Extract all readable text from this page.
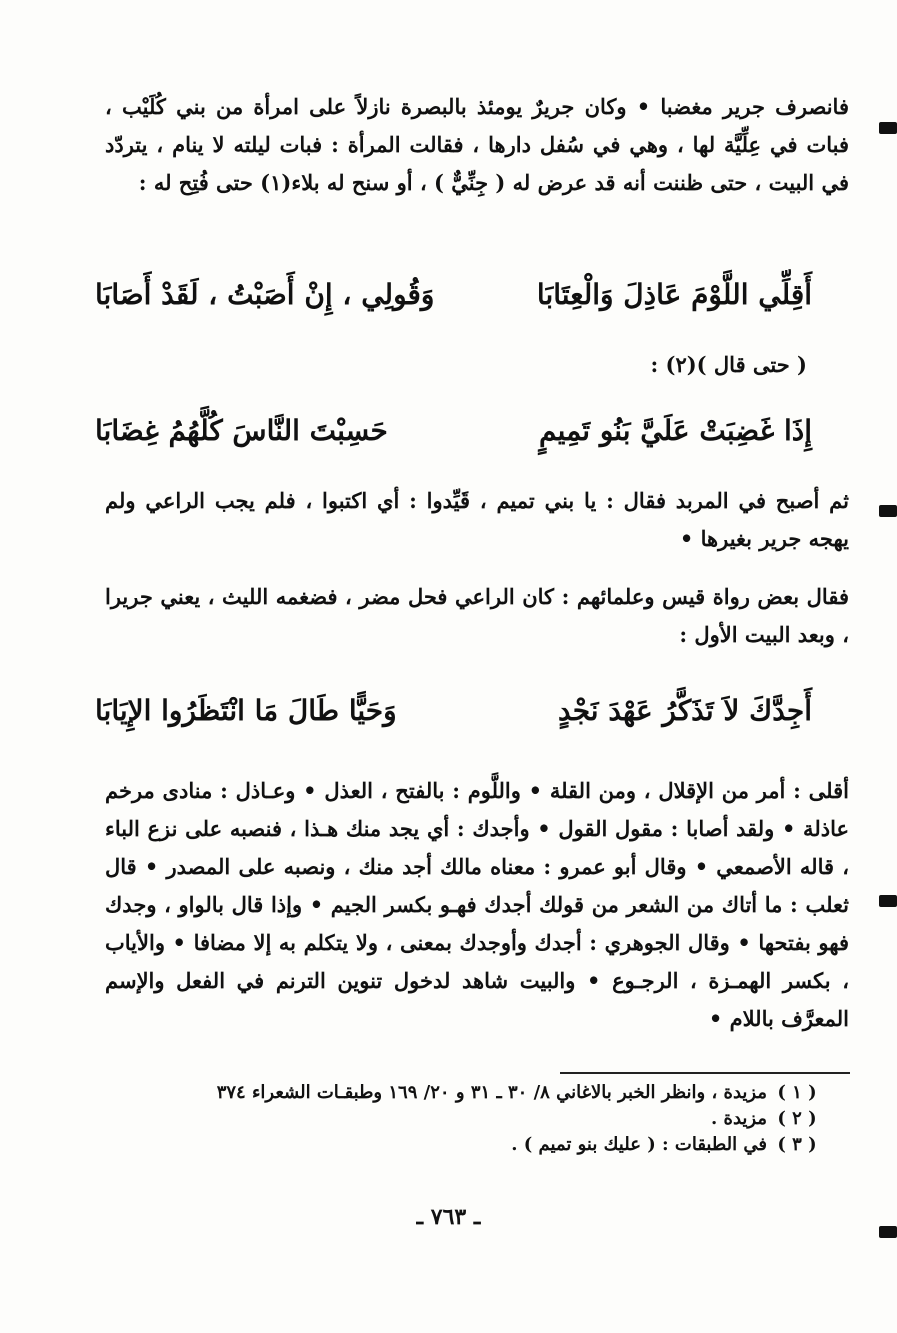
فانصرف جرير مغضبا • وكان جريرٌ يومئذ بالبصرة نازلاً على امرأة من بني كُلَيْب ، فبات في عِلِّيَّة لها ، وهي في سُفل دارها ، فقالت المرأة : فبات ليلته لا ينام ، يتردّد في البيت ، حتى ظننت أنه قد عرض له ( جِنِّيٌّ ) ، أو سنح له بلاء(١) حتى فُتِح له :
أَقِلِّي اللَّوْمَ عَاذِلَ وَالْعِتَابَا
وَقُولِي ، إِنْ أَصَبْتُ ، لَقَدْ أَصَابَا
( حتى قال )(٢) :
إِذَا غَضِبَتْ عَلَيَّ بَنُو تَمِيمٍ
حَسِبْتَ النَّاسَ كُلَّهُمُ غِضَابَا
ثم أصبح في المربد فقال : يا بني تميم ، قَيِّدوا : أي اكتبوا ، فلم يجب الراعي ولم يهجه جرير بغيرها •
فقال بعض رواة قيس وعلمائهم : كان الراعي فحل مضر ، فضغمه الليث ، يعني جريرا ، وبعد البيت الأول :
أَجِدَّكَ لاَ تَذَكَّرُ عَهْدَ نَجْدٍ
وَحَيًّا طَالَ مَا انْتَظَرُوا الإِيَابَا
أقلى : أمر من الإقلال ، ومن القلة • واللَّوم : بالفتح ، العذل • وعـاذل : منادى مرخم عاذلة • ولقد أصابا : مقول القول • وأجدك : أي يجد منك هـذا ، فنصبه على نزع الباء ، قاله الأصمعي • وقال أبو عمرو : معناه مالك أجد منك ، ونصبه على المصدر • قال ثعلب : ما أتاك من الشعر من قولك أجدك فهـو بكسر الجيم • وإذا قال بالواو ، وجدك فهو بفتحها • وقال الجوهري : أجدك وأوجدك بمعنى ، ولا يتكلم به إلا مضافا • والأياب ، بكسر الهمـزة ، الرجـوع • والبيت شاهد لدخول تنوين الترنم في الفعل والإسم المعرَّف باللام •
( ١ )
مزيدة ، وانظر الخبر بالاغاني ٨/ ٣٠ ـ ٣١ و ٢٠/ ١٦٩ وطبقـات الشعراء ٣٧٤
( ٢ )
مزيدة .
( ٣ )
في الطبقات : ( عليك بنو تميم ) .
ـ ٧٦٣ ـ
